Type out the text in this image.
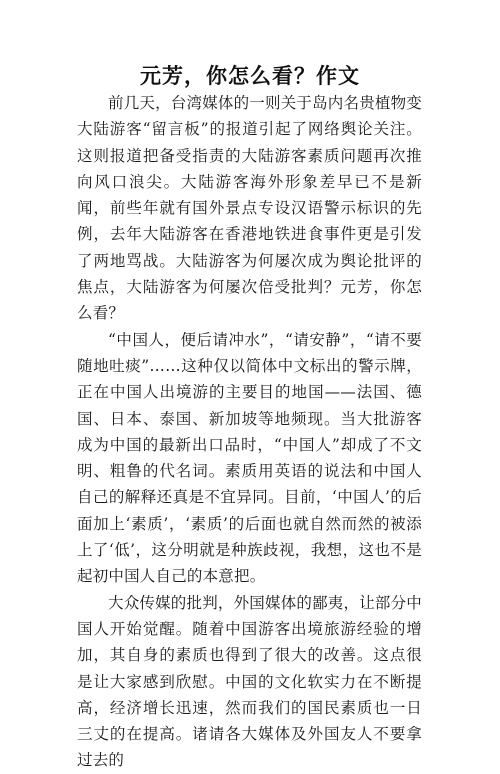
元芳，你怎么看？作文

前几天，台湾媒体的一则关于岛内名贵植物变大陆游客“留言板”的报道引起了网络舆论关注。这则报道把备受指责的大陆游客素质问题再次推向风口浪尖。大陆游客海外形象差早已不是新闻，前些年就有国外景点专设汉语警示标识的先例，去年大陆游客在香港地铁进食事件更是引发了两地骂战。大陆游客为何屡次成为舆论批评的焦点，大陆游客为何屡次倍受批判？元芳，你怎么看？

“中国人，便后请冲水”，“请安静”，“请不要随地吐痰”……这种仅以简体中文标出的警示牌，正在中国人出境游的主要目的地国——法国、德国、日本、泰国、新加坡等地频现。当大批游客成为中国的最新出口品时，“中国人”却成了不文明、粗鲁的代名词。素质用英语的说法和中国人自己的解释还真是不宜异同。目前，‘中国人’的后面加上‘素质’，‘素质’的后面也就自然而然的被添上了‘低’，这分明就是种族歧视，我想，这也不是起初中国人自己的本意把。

大众传媒的批判，外国媒体的鄙夷，让部分中国人开始觉醒。随着中国游客出境旅游经验的增加，其自身的素质也得到了很大的改善。这点很是让大家感到欣慰。中国的文化软实力在不断提高，经济增长迅速，然而我们的国民素质也一日三丈的在提高。诸请各大媒体及外国友人不要拿过去的
